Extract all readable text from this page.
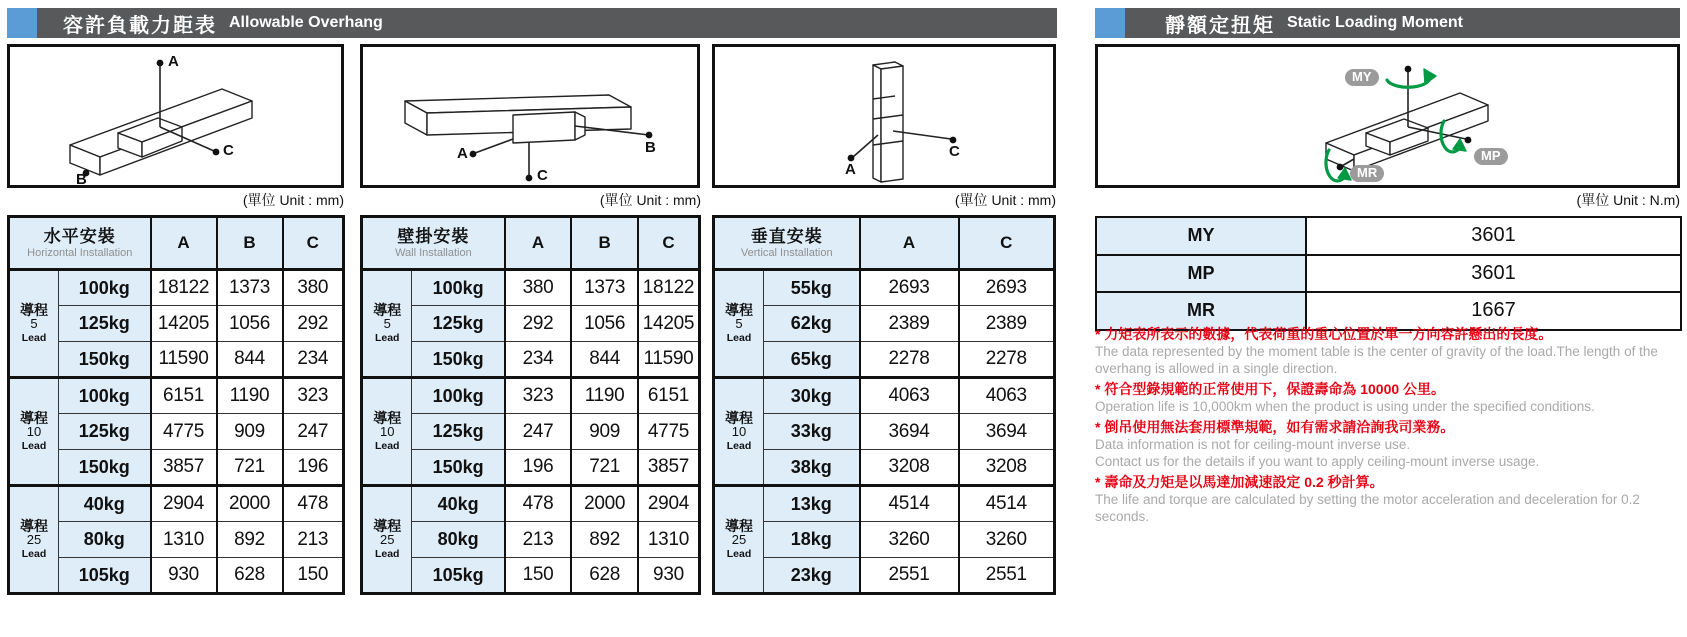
容許負載力距表 Allowable Overhang
A
B
C	A	B
C	A
C
(單位 Unit : mm)	(單位 Unit : mm)	(單位 Unit : mm)
水平安裝
Horizontal Installation		A	B	C

導程
5
Lead	100kg	18122	1373	380
	125kg	14205	1056	292
	150kg	11590	844	234

導程
10
Lead	100kg	6151	1190	323
	125kg	4775	909	247
	150kg	3857	721	196

導程
25
Lead	40kg	2904	2000	478
	80kg	1310	892	213
	105kg	930	628	150
壁掛安裝
Wall Installation		A	B	C

導程
5
Lead	100kg	380	1373	18122
	125kg	292	1056	14205
	150kg	234	844	11590

導程
10
Lead	100kg	323	1190	6151
	125kg	247	909	4775
	150kg	196	721	3857

導程
25
Lead	40kg	478	2000	2904
	80kg	213	892	1310
	105kg	150	628	930
垂直安裝
Vertical Installation		A	C

導程
5
Lead	55kg	2693	2693
	62kg	2389	2389
	65kg	2278	2278

導程
10
Lead	30kg	4063	4063
	33kg	3694	3694
	38kg	3208	3208

導程
25
Lead	13kg	4514	4514
	18kg	3260	3260
	23kg	2551	2551
靜額定扭矩 Static Loading Moment
MY
MP
MR
(單位 Unit : N.m)
MY	3601
MP	3601
MR	1667
* 力矩表所表示的數據，代表荷重的重心位置於單一方向容許懸出的長度。
The data represented by the moment table is the center of gravity of the load.The length of the overhang is allowed in a single direction.
* 符合型錄規範的正常使用下，保證壽命為 10000 公里。
Operation life is 10,000km when the product is using under the specified conditions.
* 倒吊使用無法套用標準規範，如有需求請洽詢我司業務。
Data information is not for ceiling-mount inverse use.
Contact us for the details if you want to apply ceiling-mount inverse usage.
* 壽命及力矩是以馬達加減速設定 0.2 秒計算。
The life and torque are calculated by setting the motor acceleration and deceleration for 0.2 seconds.
